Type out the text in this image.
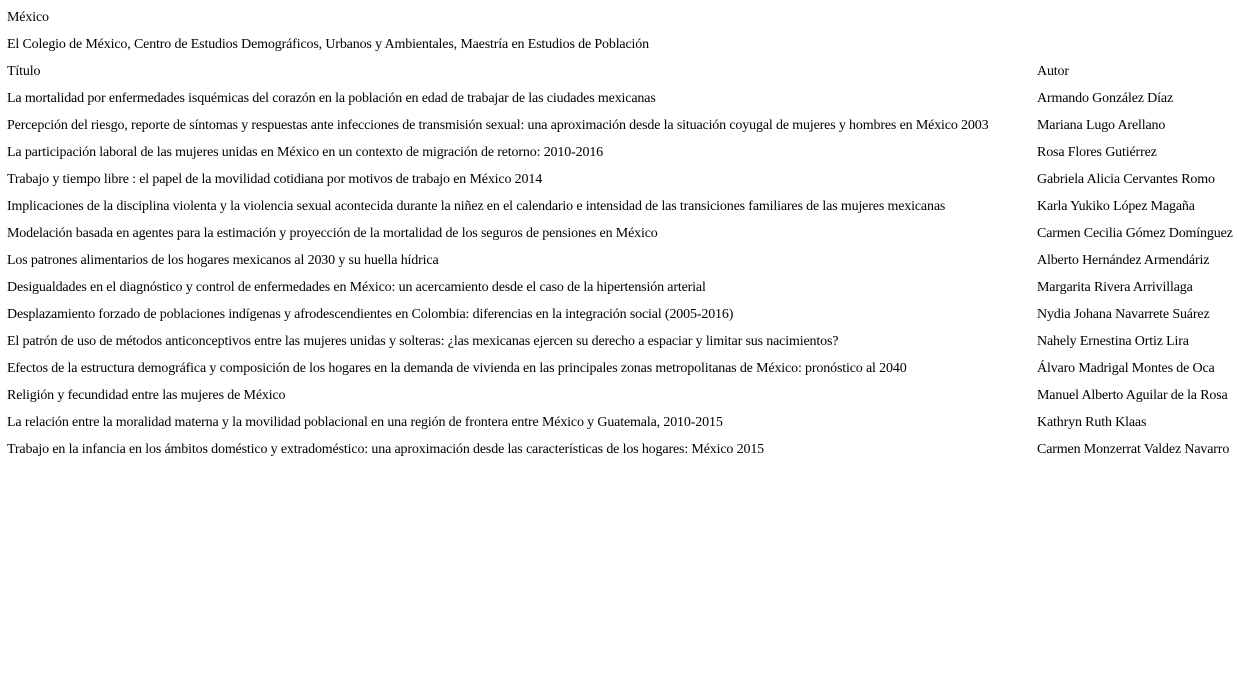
México
El Colegio de México, Centro de Estudios Demográficos, Urbanos y Ambientales, Maestría en Estudios de Población
Título	Autor
La mortalidad por enfermedades isquémicas del corazón en la población en edad de trabajar de las ciudades mexicanas	Armando González Díaz
Percepción del riesgo, reporte de síntomas y respuestas ante infecciones de transmisión sexual: una aproximación desde la situación coyugal de mujeres y hombres en México 2003	Mariana Lugo Arellano
La participación laboral de las mujeres unidas en México en un contexto de migración de retorno: 2010-2016	Rosa Flores Gutiérrez
Trabajo y tiempo libre : el papel de la movilidad cotidiana por motivos de trabajo en México 2014	Gabriela Alicia Cervantes Romo
Implicaciones de la disciplina violenta y la violencia sexual acontecida durante la niñez en el calendario e intensidad de las transiciones familiares de las mujeres mexicanas	Karla Yukiko López Magaña
Modelación basada en agentes para la estimación y proyección de la mortalidad de los seguros de pensiones en México	Carmen Cecilia Gómez Domínguez
Los patrones alimentarios de los hogares mexicanos al 2030 y su huella hídrica	Alberto Hernández Armendáriz
Desigualdades en el diagnóstico y control de enfermedades en México: un acercamiento desde el caso de la hipertensión arterial	Margarita Rivera Arrivillaga
Desplazamiento forzado de poblaciones indígenas y afrodescendientes en Colombia: diferencias en la integración social (2005-2016)	Nydia Johana Navarrete Suárez
El patrón de uso de métodos anticonceptivos entre las mujeres unidas y solteras: ¿las mexicanas ejercen su derecho a espaciar y limitar sus nacimientos?	Nahely Ernestina Ortiz Lira
Efectos de la estructura demográfica y composición de los hogares en la demanda de vivienda en las principales zonas metropolitanas de México: pronóstico al 2040	Álvaro Madrigal Montes de Oca
Religión y fecundidad entre las mujeres de México	Manuel Alberto Aguilar de la Rosa
La relación entre la moralidad materna y la movilidad poblacional en una región de frontera entre México y Guatemala, 2010-2015	Kathryn Ruth Klaas
Trabajo en la infancia en los ámbitos doméstico y extradoméstico: una aproximación desde las características de los hogares: México 2015	Carmen Monzerrat Valdez Navarro
